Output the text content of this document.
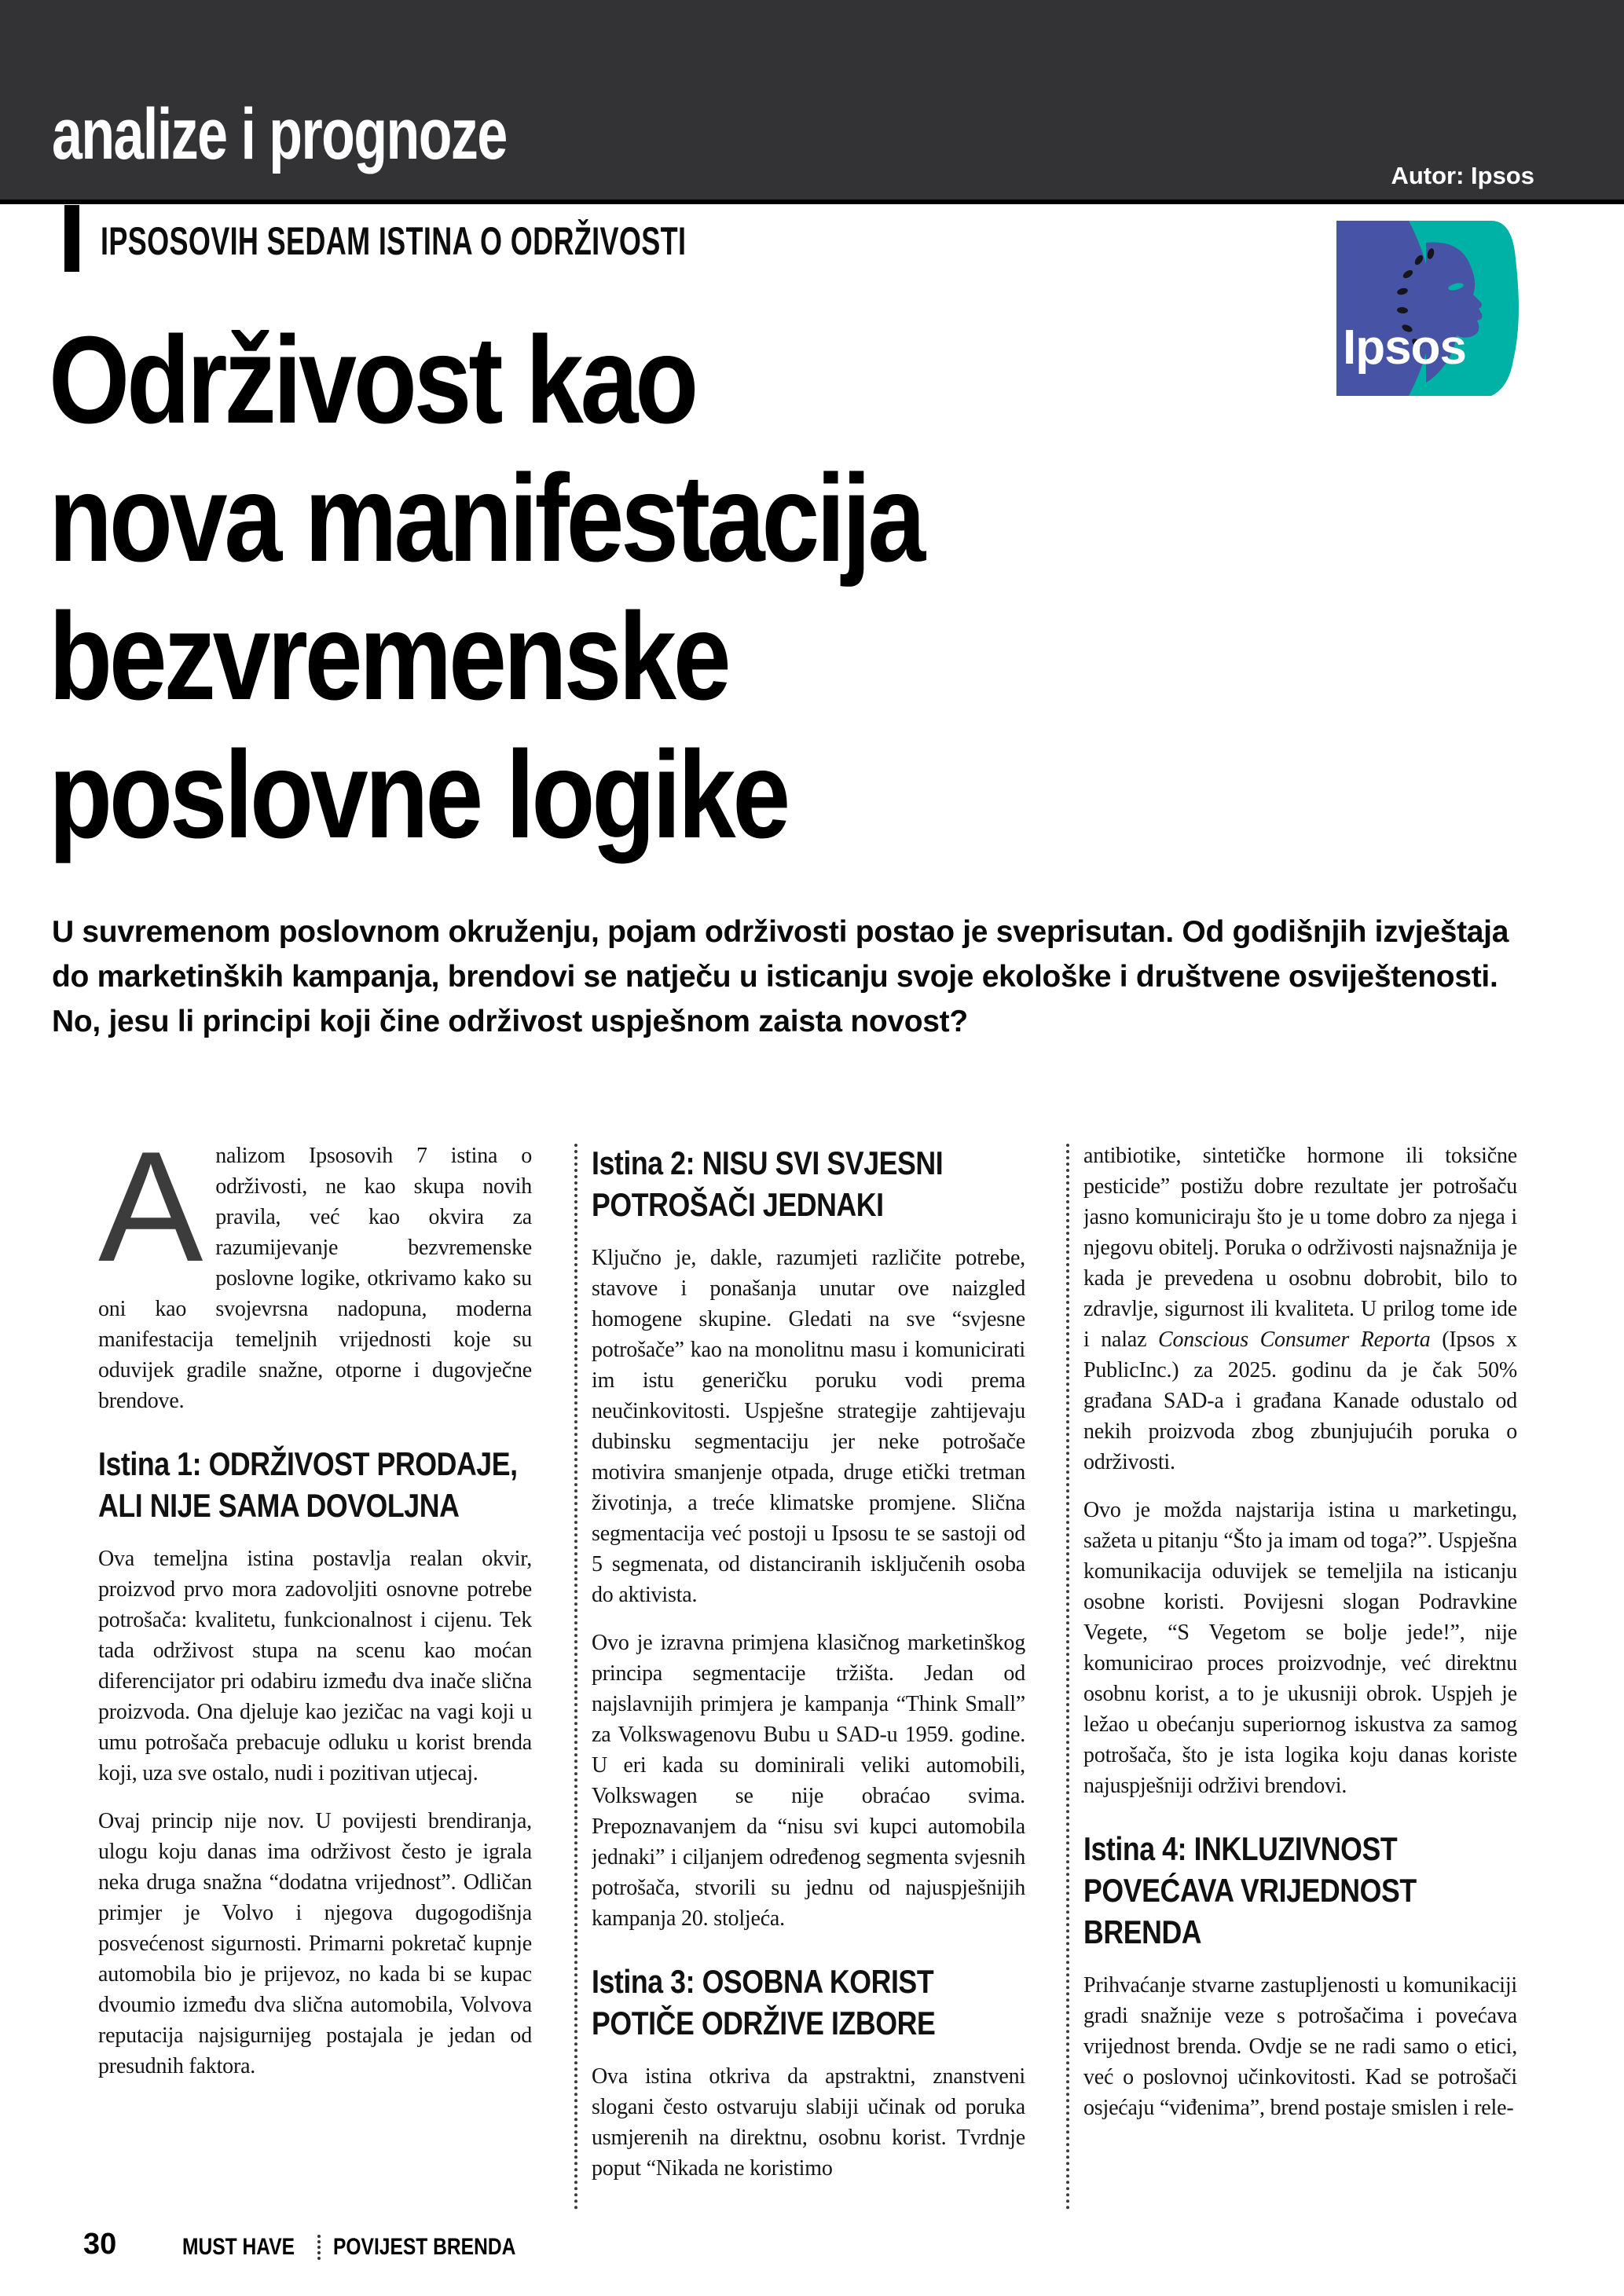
analize i prognoze
Autor: Ipsos
IPSOSOVIH SEDAM ISTINA O ODRŽIVOSTI
Ipsos
Održivost kao
nova manifestacija
bezvremenske
poslovne logike

U suvremenom poslovnom okruženju, pojam održivosti postao je sveprisutan. Od godišnjih izvještaja do marketinških kampanja, brendovi se natječu u isticanju svoje ekološke i društvene osviještenosti. No, jesu li principi koji čine održivost uspješnom zaista novost?

Analizom Ipsosovih 7 istina o održivosti, ne kao skupa novih pravila, već kao okvira za razumijevanje bezvremenske poslovne logike, otkrivamo kako su oni kao svojevrsna nadopuna, moderna manifestacija temeljnih vrijednosti koje su oduvijek gradile snažne, otporne i dugovječne brendove.

Istina 1: ODRŽIVOST PRODAJE, ALI NIJE SAMA DOVOLJNA

Ova temeljna istina postavlja realan okvir, proizvod prvo mora zadovoljiti osnovne potrebe potrošača: kvalitetu, funkcionalnost i cijenu. Tek tada održivost stupa na scenu kao moćan diferencijator pri odabiru između dva inače slična proizvoda. Ona djeluje kao jezičac na vagi koji u umu potrošača prebacuje odluku u korist brenda koji, uza sve ostalo, nudi i pozitivan utjecaj.

Ovaj princip nije nov. U povijesti brendiranja, ulogu koju danas ima održivost često je igrala neka druga snažna “dodatna vrijednost”. Odličan primjer je Volvo i njegova dugogodišnja posvećenost sigurnosti. Primarni pokretač kupnje automobila bio je prijevoz, no kada bi se kupac dvoumio između dva slična automobila, Volvova reputacija najsigurnijeg postajala je jedan od presudnih faktora.

Istina 2: NISU SVI SVJESNI POTROŠAČI JEDNAKI

Ključno je, dakle, razumjeti različite potrebe, stavove i ponašanja unutar ove naizgled homogene skupine. Gledati na sve “svjesne potrošače” kao na monolitnu masu i komunicirati im istu generičku poruku vodi prema neučinkovitosti. Uspješne strategije zahtijevaju dubinsku segmentaciju jer neke potrošače motivira smanjenje otpada, druge etički tretman životinja, a treće klimatske promjene. Slična segmentacija već postoji u Ipsosu te se sastoji od 5 segmenata, od distanciranih isključenih osoba do aktivista.

Ovo je izravna primjena klasičnog marketinškog principa segmentacije tržišta. Jedan od najslavnijih primjera je kampanja “Think Small” za Volkswagenovu Bubu u SAD-u 1959. godine. U eri kada su dominirali veliki automobili, Volkswagen se nije obraćao svima. Prepoznavanjem da “nisu svi kupci automobila jednaki” i ciljanjem određenog segmenta svjesnih potrošača, stvorili su jednu od najuspješnijih kampanja 20. stoljeća.

Istina 3: OSOBNA KORIST POTIČE ODRŽIVE IZBORE

Ova istina otkriva da apstraktni, znanstveni slogani često ostvaruju slabiji učinak od poruka usmjerenih na direktnu, osobnu korist. Tvrdnje poput “Nikada ne koristimo

antibiotike, sintetičke hormone ili toksične pesticide” postižu dobre rezultate jer potrošaču jasno komuniciraju što je u tome dobro za njega i njegovu obitelj. Poruka o održivosti najsnažnija je kada je prevedena u osobnu dobrobit, bilo to zdravlje, sigurnost ili kvaliteta. U prilog tome ide i nalaz Conscious Consumer Reporta (Ipsos x PublicInc.) za 2025. godinu da je čak 50% građana SAD-a i građana Kanade odustalo od nekih proizvoda zbog zbunjujućih poruka o održivosti.

Ovo je možda najstarija istina u marketingu, sažeta u pitanju “Što ja imam od toga?”. Uspješna komunikacija oduvijek se temeljila na isticanju osobne koristi. Povijesni slogan Podravkine Vegete, “S Vegetom se bolje jede!”, nije komunicirao proces proizvodnje, već direktnu osobnu korist, a to je ukusniji obrok. Uspjeh je ležao u obećanju superiornog iskustva za samog potrošača, što je ista logika koju danas koriste najuspješniji održivi brendovi.

Istina 4: INKLUZIVNOST POVEĆAVA VRIJEDNOST BRENDA

Prihvaćanje stvarne zastupljenosti u komunikaciji gradi snažnije veze s potrošačima i povećava vrijednost brenda. Ovdje se ne radi samo o etici, već o poslovnoj učinkovitosti. Kad se potrošači osjećaju “viđenima”, brend postaje smislen i rele-

30	MUST HAVE POVIJEST BRENDA
